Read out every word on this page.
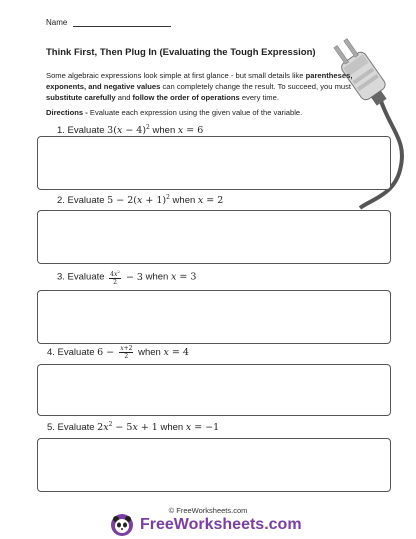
Name
Think First, Then Plug In (Evaluating the Tough Expression)
Some algebraic expressions look simple at first glance - but small details like parentheses, exponents, and negative values can completely change the result. To succeed, you must substitute carefully and follow the order of operations every time.
Directions - Evaluate each expression using the given value of the variable.
1. Evaluate $3(x - 4)^2$ when x = 6
2. Evaluate $5 - 2(x + 1)^2$ when x = 2
3. Evaluate $\frac{4x^2}{2} - 3$ when x = 3
4. Evaluate $6 - \frac{x+2}{2}$ when x = 4
5. Evaluate $2x^2 - 5x + 1$ when x = −1
© FreeWorksheets.com
FreeWorksheets.com
